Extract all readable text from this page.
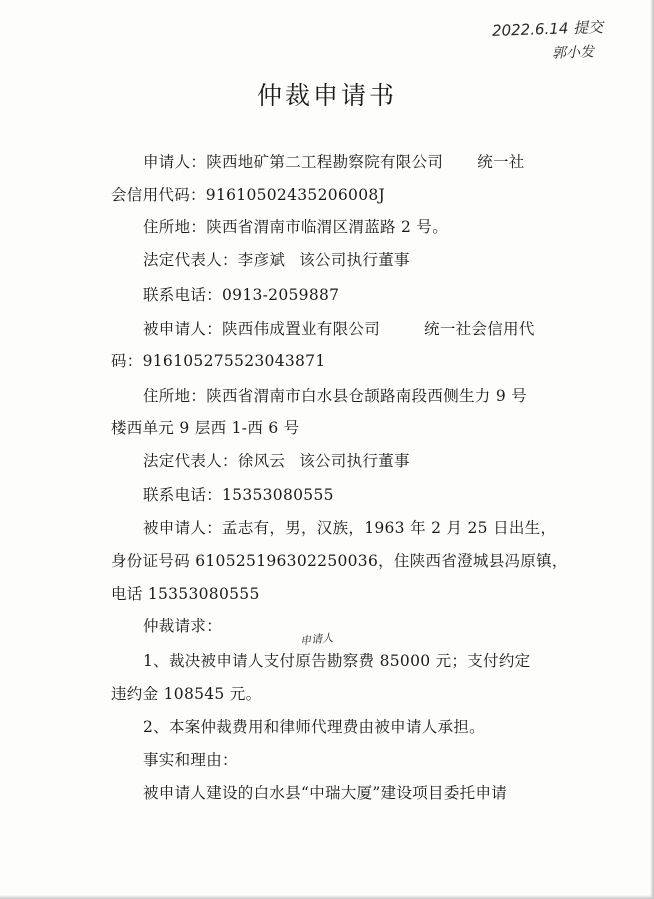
2022.6.14 提交
郭小发
仲裁申请书
申请人：陕西地矿第二工程勘察院有限公司 统一社
会信用代码：91610502435206008J
住所地：陕西省渭南市临渭区渭蓝路 2 号。
法定代表人：李彦斌 该公司执行董事
联系电话：0913-2059887
被申请人：陕西伟成置业有限公司	统一社会信用代
码：916105275523043871
住所地：陕西省渭南市白水县仓颉路南段西侧生力 9 号
楼西单元 9 层西 1-西 6 号
法定代表人：徐风云 该公司执行董事
联系电话：15353080555
被申请人：孟志有，男，汉族，1963 年 2 月 25 日出生，
身份证号码 610525196302250036，住陕西省澄城县冯原镇，
电话 15353080555
仲裁请求：
申请人
1、裁决被申请人支付原告勘察费 85000 元；支付约定
违约金 108545 元。
2、本案仲裁费用和律师代理费由被申请人承担。
事实和理由：
被申请人建设的白水县“中瑞大厦”建设项目委托申请
